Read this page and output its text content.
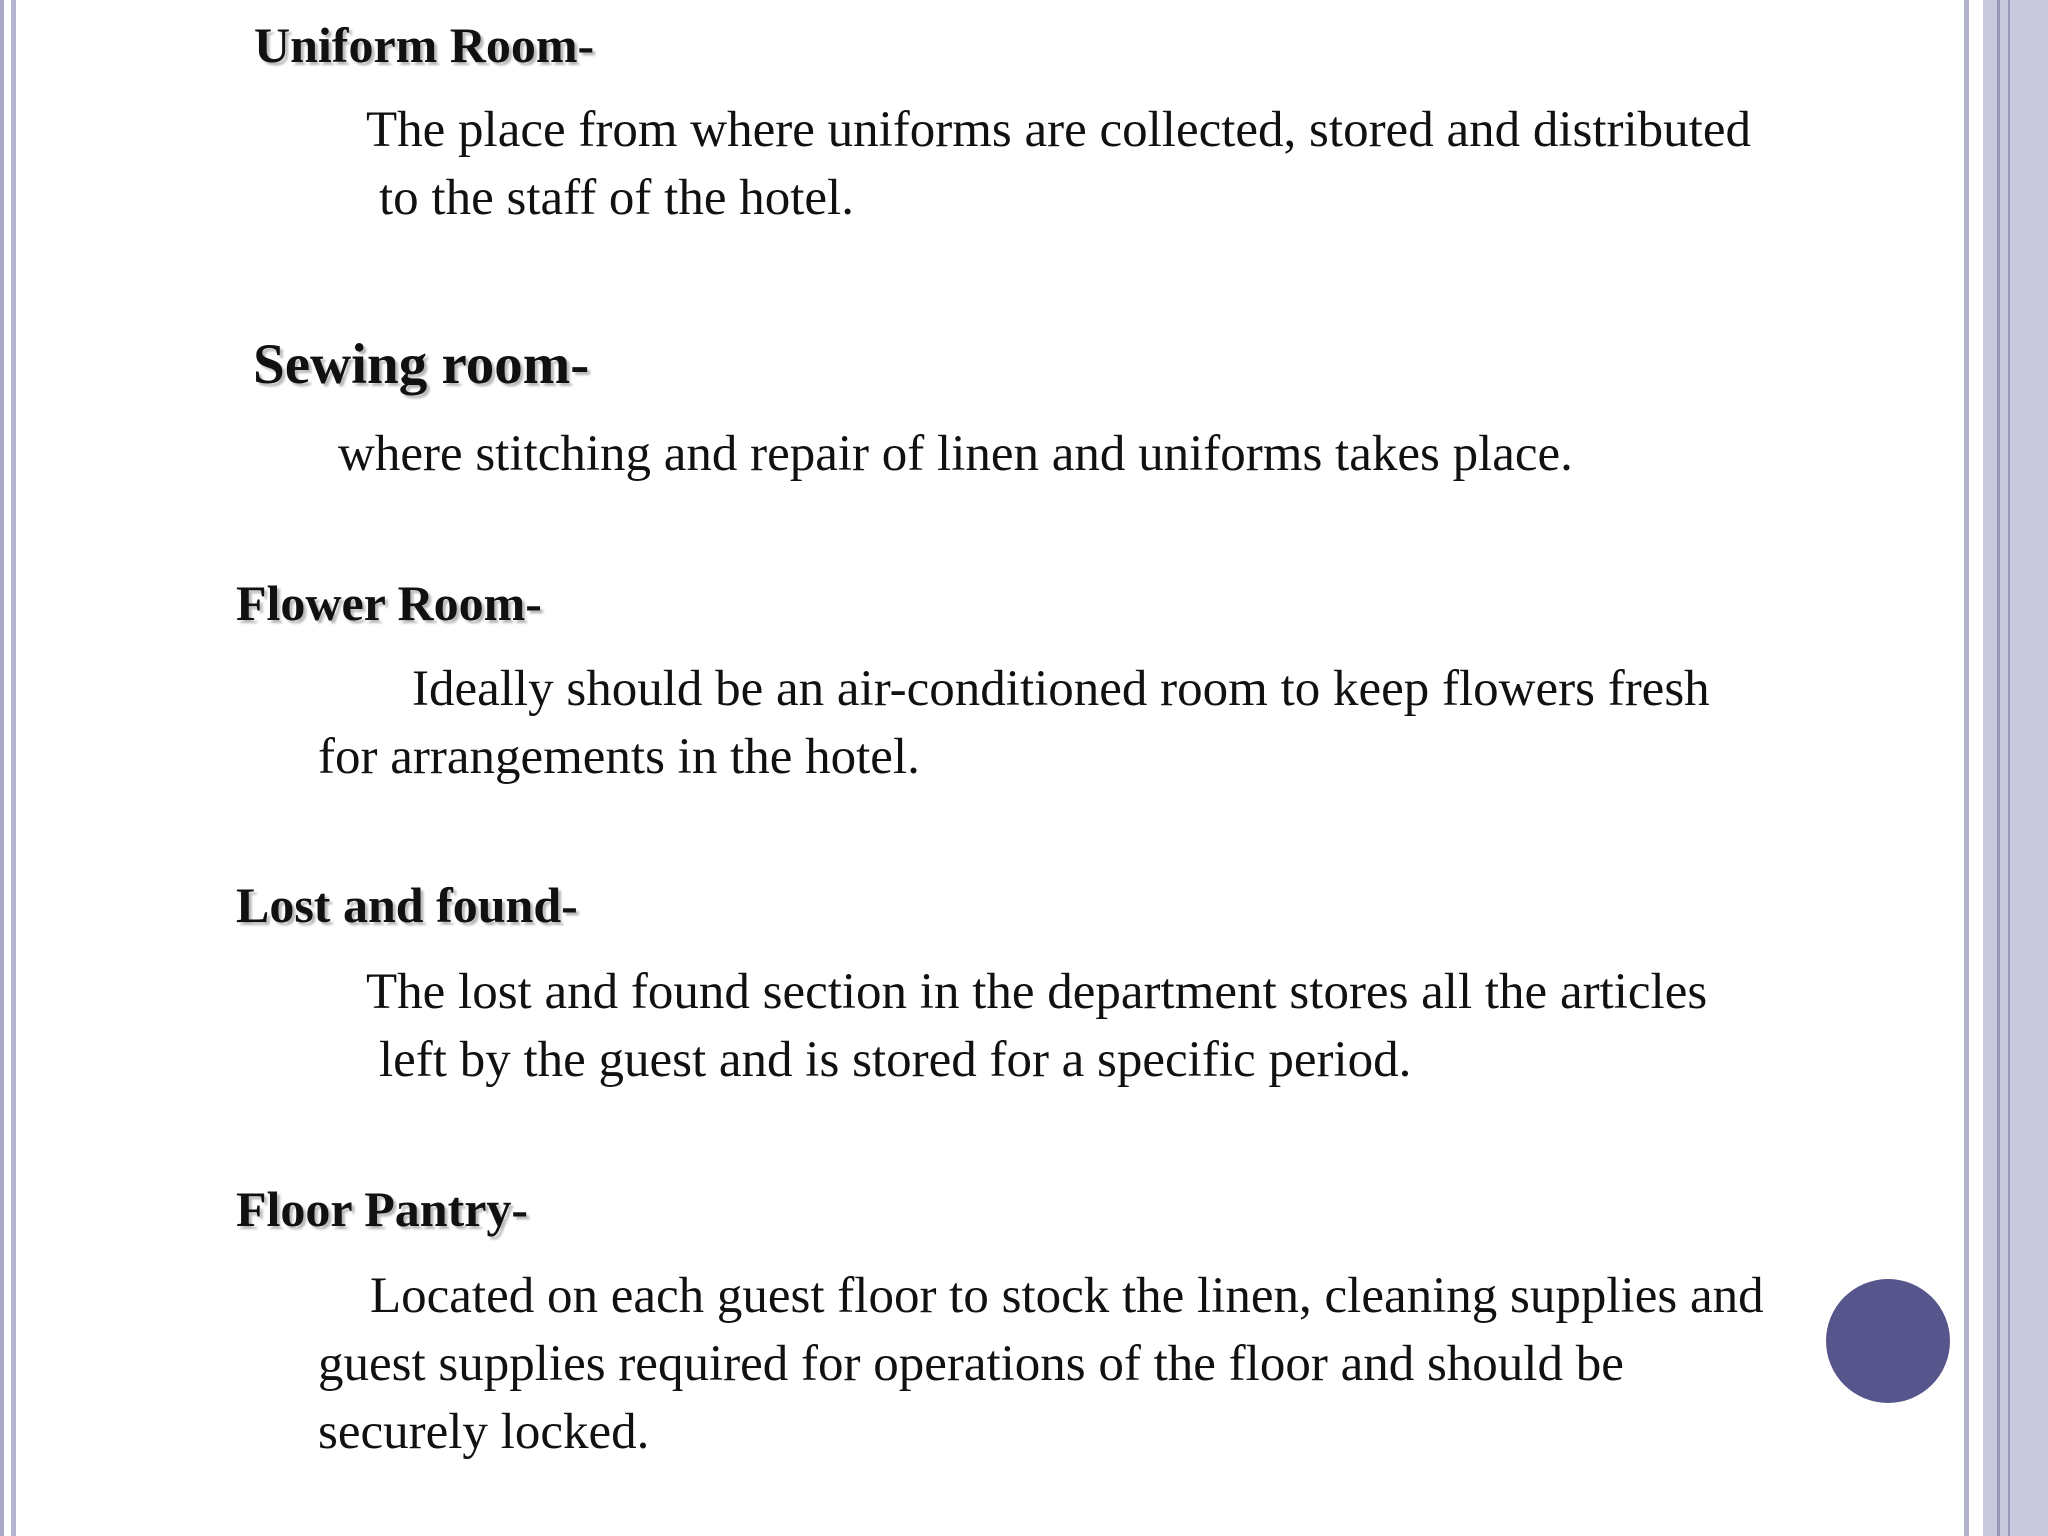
Uniform Room-
The place from where uniforms are collected, stored and distributed
to the staff of the hotel.
Sewing room-
where stitching and repair of linen and uniforms takes place.
Flower Room-
Ideally should be an air-conditioned room to keep flowers fresh
for arrangements in the hotel.
Lost and found-
The lost and found section in the department stores all the articles
left by the guest and is stored for a specific period.
Floor Pantry-
Located on each guest floor to stock the linen, cleaning supplies and
guest supplies required for operations of the floor and should be
securely locked.
